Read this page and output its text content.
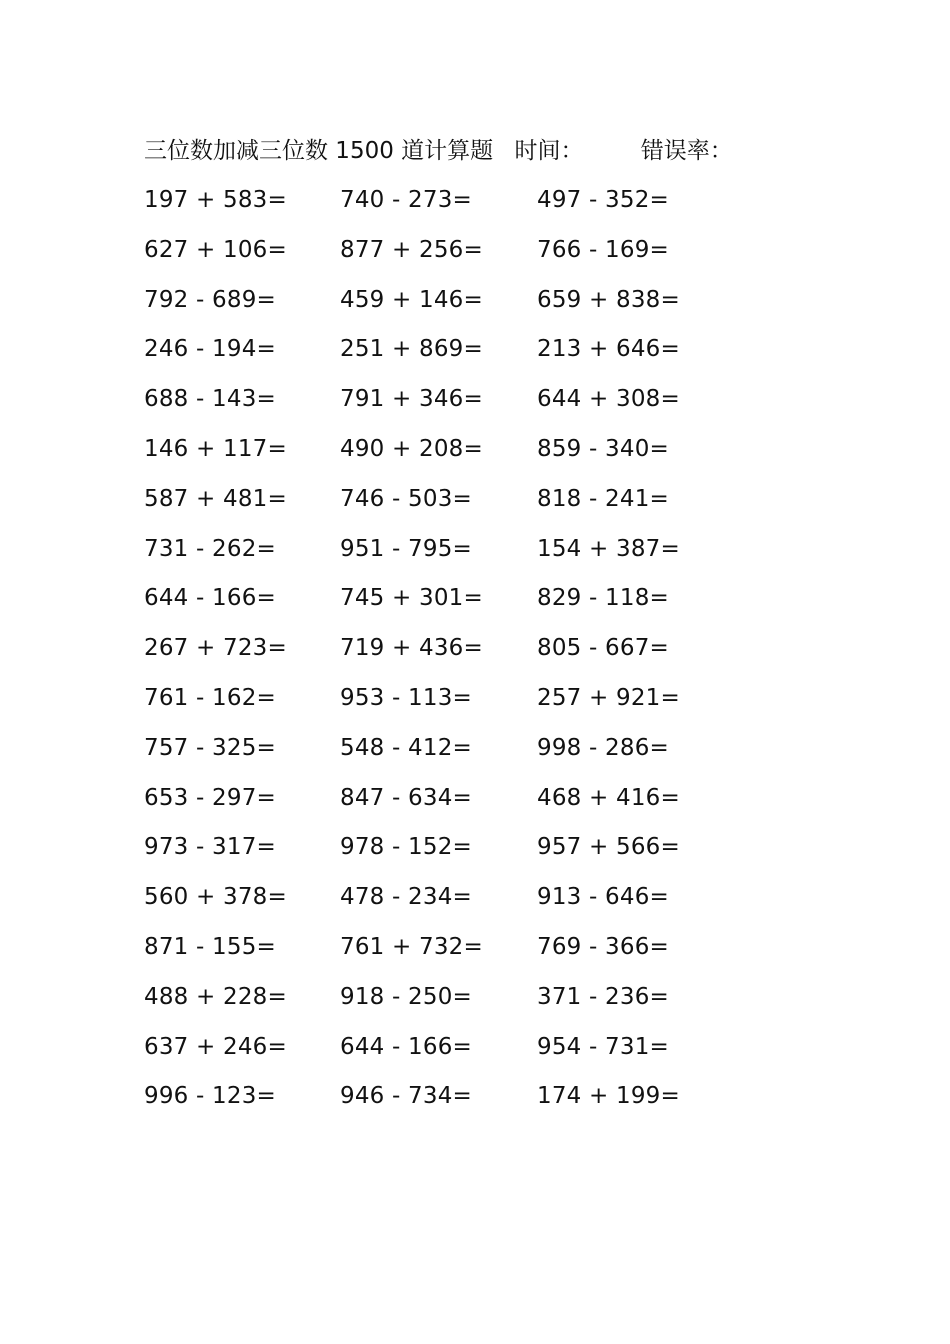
三位数加减三位数 1500 道计算题 时间： 错误率：
197 + 583= 740 - 273=	497 - 352=
627 + 106= 877 + 256= 766 - 169=
792 - 689=	459 + 146= 659 + 838=
246 - 194=	251 + 869= 213 + 646=
688 - 143=	791 + 346= 644 + 308=
146 + 117= 490 + 208= 859 - 340=
587 + 481= 746 - 503=	818 - 241=
731 - 262=	951 - 795=	154 + 387=
644 - 166=	745 + 301= 829 - 118=
267 + 723= 719 + 436= 805 - 667=
761 - 162=	953 - 113=	257 + 921=
757 - 325=	548 - 412=	998 - 286=
653 - 297=	847 - 634=	468 + 416=
973 - 317=	978 - 152=	957 + 566=
560 + 378= 478 - 234=	913 - 646=
871 - 155=	761 + 732= 769 - 366=
488 + 228= 918 - 250=	371 - 236=
637 + 246= 644 - 166=	954 - 731=
996 - 123=	946 - 734=	174 + 199=
